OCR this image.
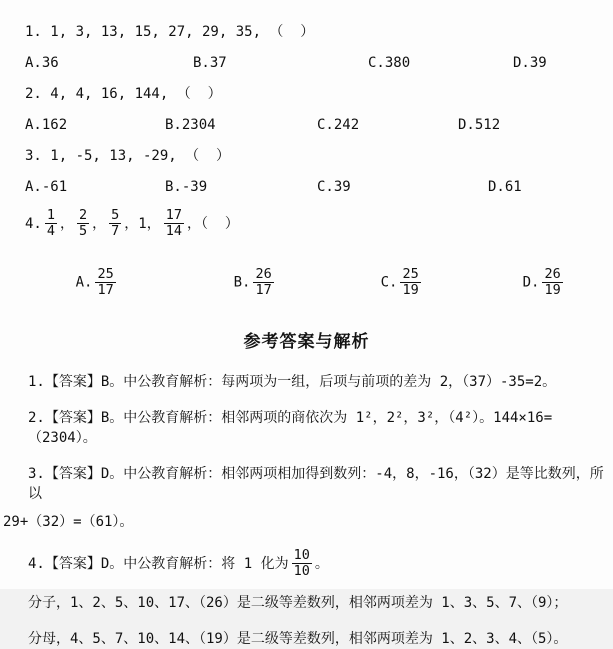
1. 1, 3, 13, 15, 27, 29, 35, （  ）
A.36	B.37	C.380	D.39
2. 4, 4, 16, 144, （  ）
A.162	B.2304	C.242	D.512
3. 1, -5, 13, -29, （  ）
A.-61	B.-39	C.39	D.61
4. $\frac{1}{4}$ ， $\frac{2}{5}$ ， $\frac{5}{7}$ ，1， $\frac{17}{14}$ ，（  ）

A. $\frac{25}{17}$

	B. $\frac{26}{17}$

	C. $\frac{25}{19}$

	D. $\frac{26}{19}$

参考答案与解析
1.【答案】B。中公教育解析：每两项为一组，后项与前项的差为 2，（37）-35=2。
2.【答案】B。中公教育解析：相邻两项的商依次为 1²，2²，3²，（4²）。144×16=（2304）。
3.【答案】D。中公教育解析：相邻两项相加得到数列：-4，8，-16，（32）是等比数列，所以
29+（32）=（61）。
4.【答案】D。中公教育解析：将 1 化为 $\frac{10}{10}$ 。
分子，1、2、5、10、17、（26）是二级等差数列，相邻两项差为 1、3、5、7、（9）；
分母，4、5、7、10、14、（19）是二级等差数列，相邻两项差为 1、2、3、4、（5）。
